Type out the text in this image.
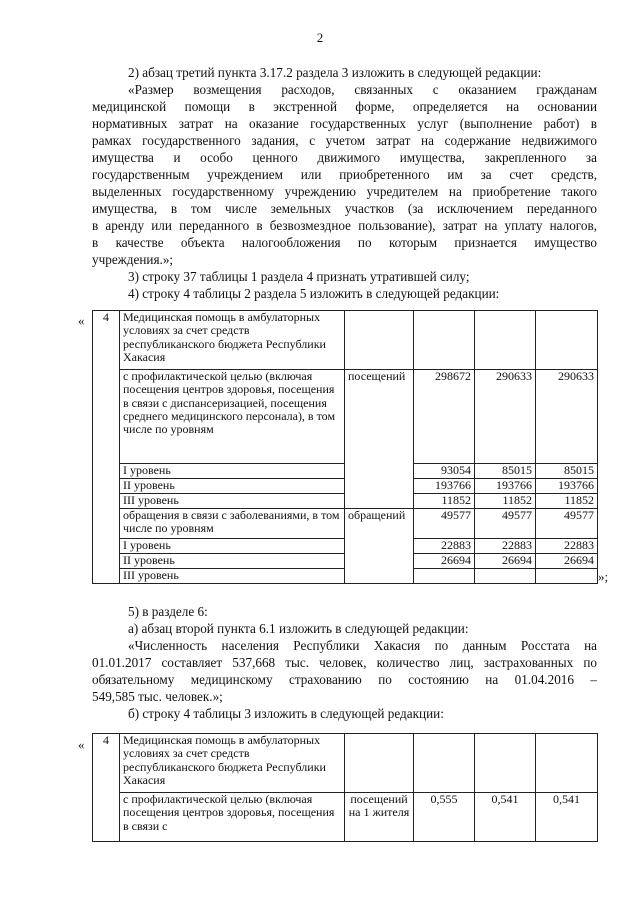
2
2) абзац третий пункта 3.17.2 раздела 3 изложить в следующей редакции:
«Размер возмещения расходов, связанных с оказанием гражданам
медицинской помощи в экстренной форме, определяется на основании
нормативных затрат на оказание государственных услуг (выполнение работ) в
рамках государственного задания, с учетом затрат на содержание недвижимого
имущества и особо ценного движимого имущества, закрепленного за
государственным учреждением или приобретенного им за счет средств,
выделенных государственному учреждению учредителем на приобретение такого
имущества, в том числе земельных участков (за исключением переданного
в аренду или переданного в безвозмездное пользование), затрат на уплату налогов,
в качестве объекта налогообложения по которым признается имущество
учреждения.»;
3) строку 37 таблицы 1 раздела 4 признать утратившей силу;
4) строку 4 таблицы 2 раздела 5 изложить в следующей редакции:
« 4	Медицинская помощь в амбулаторных условиях за счет средств республиканского бюджета Республики Хакасия				
	с профилактической целью (включая посещения центров здоровья, посещения в связи с диспансеризацией, посещения среднего медицинского персонала), в том числе по уровням	посещений	298672	290633	290633
	I уровень		93054	85015	85015
	II уровень		193766	193766	193766
	III уровень		11852	11852	11852
	обращения в связи с заболеваниями, в том числе по уровням	обращений	49577	49577	49577
	I уровень		22883	22883	22883
	II уровень		26694	26694	26694
	III уровень					»;
5) в разделе 6:
а) абзац второй пункта 6.1 изложить в следующей редакции:
«Численность населения Республики Хакасия по данным Росстата на
01.01.2017 составляет 537,668 тыс. человек, количество лиц, застрахованных по
обязательному медицинскому страхованию по состоянию на 01.04.2016 –
549,585 тыс. человек.»;
б) строку 4 таблицы 3 изложить в следующей редакции:
« 4	Медицинская помощь в амбулаторных условиях за счет средств республиканского бюджета Республики Хакасия				
	с профилактической целью (включая посещения центров здоровья, посещения в связи с	посещений на 1 жителя	0,555	0,541	0,541
